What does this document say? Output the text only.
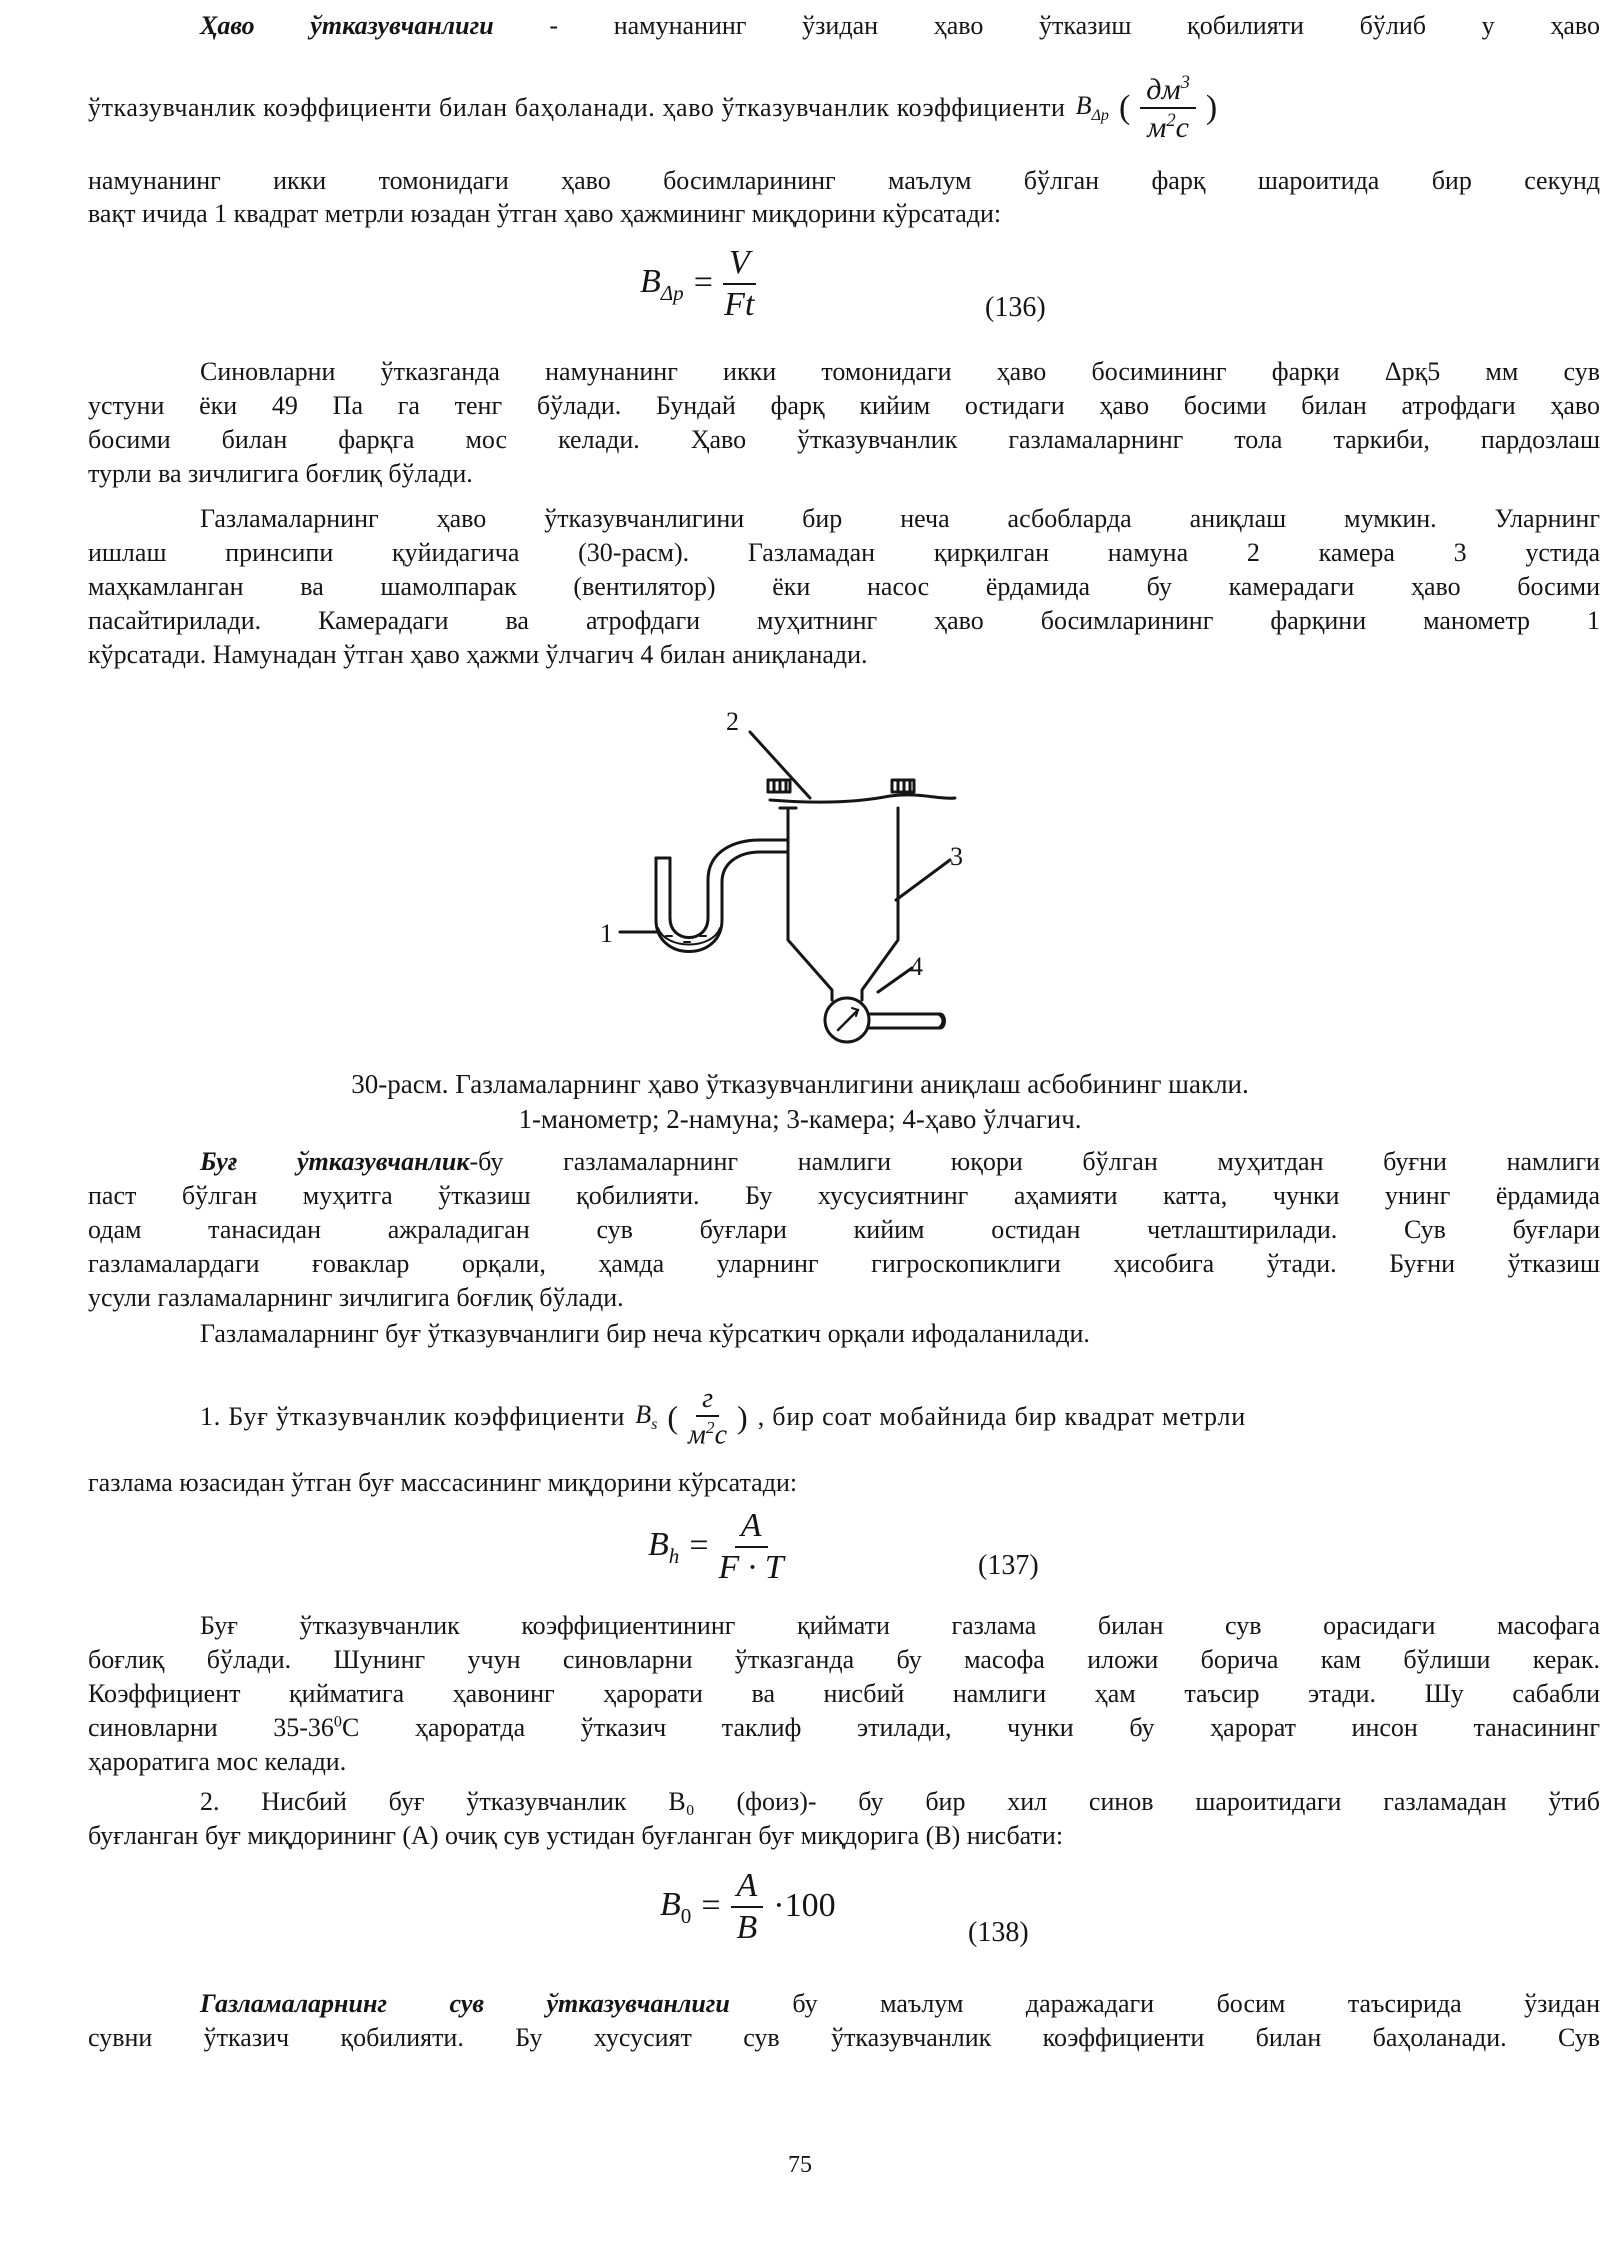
Ҳаво ўтказувчанлиги - намунанинг ўзидан ҳаво ўтказиш қобилияти бўлиб у ҳаво
ўтказувчанлик коэффициенти билан баҳоланади. ҳаво ўтказувчанлик коэффициенти $B_{\Delta p}$ ( $\frac{дм^3}{м^2с}$ )
намунанинг икки томонидаги ҳаво босимларининг маълум бўлган фарқ шароитида бир секунд
вақт ичида 1 квадрат метрли юзадан ўтган ҳаво ҳажмининг миқдорини кўрсатади:
$B_{\Delta p} = \frac{V}{Ft}$	(136)
Синовларни ўтказганда намунанинг икки томонидаги ҳаво босимининг фарқи Δрқ5 мм сув
устуни ёки 49 Па га тенг бўлади. Бундай фарқ кийим остидаги ҳаво босими билан атрофдаги ҳаво
босими билан фарқга мос келади. Ҳаво ўтказувчанлик газламаларнинг тола таркиби, пардозлаш
турли ва зичлигига боғлиқ бўлади.
Газламаларнинг ҳаво ўтказувчанлигини бир неча асбобларда аниқлаш мумкин. Уларнинг
ишлаш принсипи қуйидагича (30-расм). Газламадан қирқилган намуна 2 камера 3 устида
маҳкамланган ва шамолпарак (вентилятор) ёки насос ёрдамида бу камерадаги ҳаво босими
пасайтирилади. Камерадаги ва атрофдаги муҳитнинг ҳаво босимларининг фарқини манометр 1
кўрсатади. Намунадан ўтган ҳаво ҳажми ўлчагич 4 билан аниқланади.
2
3
1
4
30-расм. Газламаларнинг ҳаво ўтказувчанлигини аниқлаш асбобининг шакли.
1-манометр; 2-намуна; 3-камера; 4-ҳаво ўлчагич.
Буғ ўтказувчанлик-бу газламаларнинг намлиги юқори бўлган муҳитдан буғни намлиги
паст бўлган муҳитга ўтказиш қобилияти. Бу хусусиятнинг аҳамияти катта, чунки унинг ёрдамида
одам танасидан ажраладиган сув буғлари кийим остидан четлаштирилади. Сув буғлари
газламалардаги ғоваклар орқали, ҳамда уларнинг гигроскопиклиги ҳисобига ўтади. Буғни ўтказиш
усули газламаларнинг зичлигига боғлиқ бўлади.
Газламаларнинг буғ ўтказувчанлиги бир неча кўрсаткич орқали ифодаланилади.
1. Буғ ўтказувчанлик коэффициенти $B_s$ ( $\frac{г}{м^2с}$ ) , бир соат мобайнида бир квадрат метрли
газлама юзасидан ўтган буғ массасининг миқдорини кўрсатади:
$B_h = \frac{A}{F \cdot T}$	(137)
Буғ ўтказувчанлик коэффициентининг қиймати газлама билан сув орасидаги масофага
боғлиқ бўлади. Шунинг учун синовларни ўтказганда бу масофа иложи борича кам бўлиши керак.
Коэффициент қийматига ҳавонинг ҳарорати ва нисбий намлиги ҳам таъсир этади. Шу сабабли
синовларни $35-36^0С$ ҳароратда ўтказич таклиф этилади, чунки бу ҳарорат инсон танасининг
ҳароратига мос келади.
2. Нисбий буғ ўтказувчанлик В₀ (фоиз)- бу бир хил синов шароитидаги газламадан ўтиб
буғланган буғ миқдорининг (А) очиқ сув устидан буғланган буғ миқдорига (В) нисбати:
$B_0 = \frac{A}{B} \cdot 100$
(138)
Газламаларнинг сув ўтказувчанлиги бу маълум даражадаги босим таъсирида ўзидан
сувни ўтказич қобилияти. Бу хусусият сув ўтказувчанлик коэффициенти билан баҳоланади. Сув
75
